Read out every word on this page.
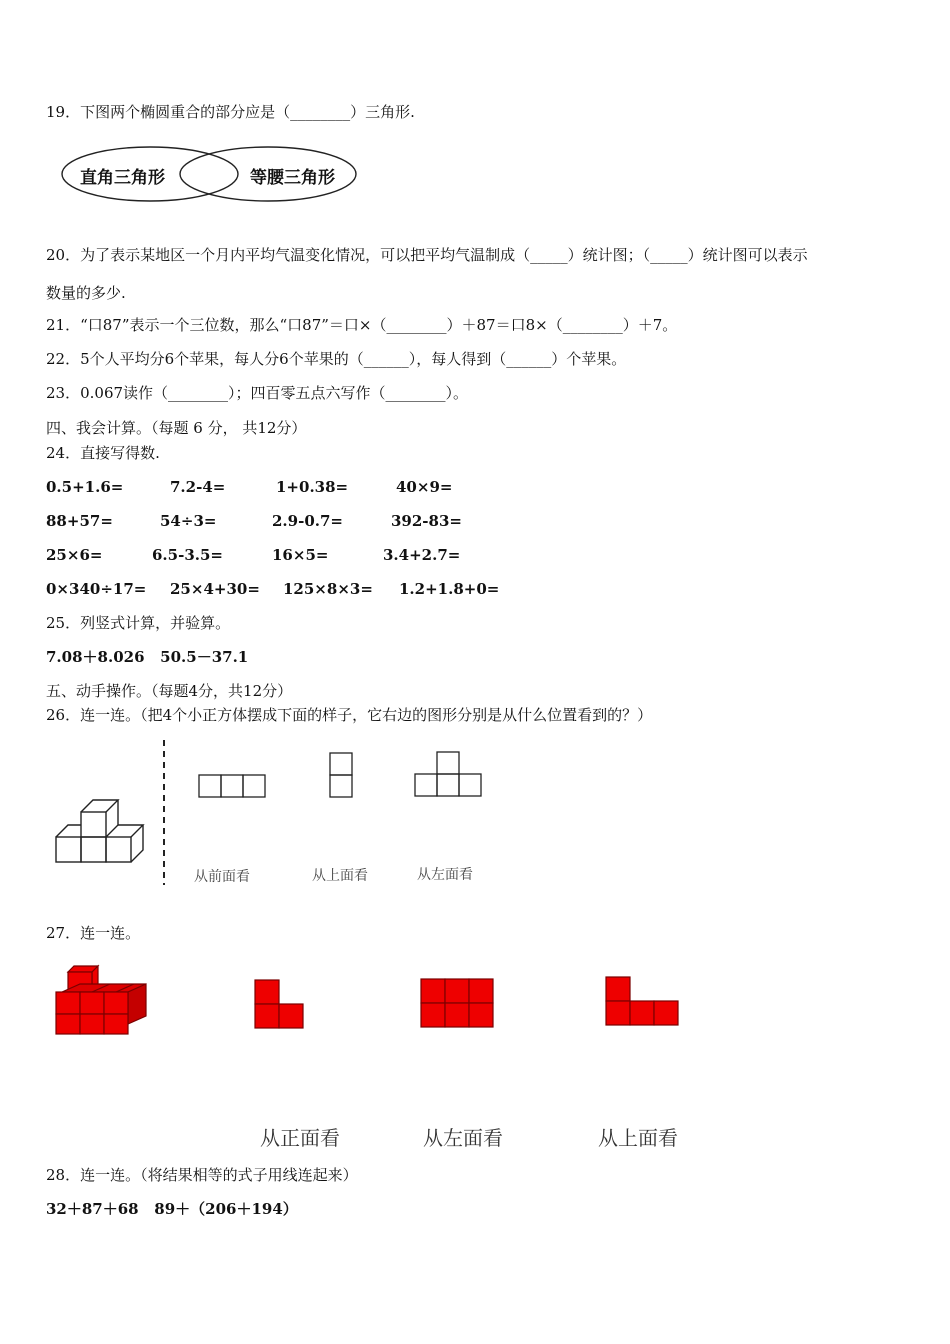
19．下图两个椭圆重合的部分应是（________）三角形.
直角三角形	等腰三角形
20．为了表示某地区一个月内平均气温变化情况，可以把平均气温制成（_____）统计图；（_____）统计图可以表示
数量的多少.
21．“口87”表示一个三位数，那么“口87”＝口×（________）＋87＝口8×（________）＋7。
22．5个人平均分6个苹果，每人分6个苹果的（______），每人得到（______）个苹果。
23．0.067读作（________）；四百零五点六写作（________）。
四、我会计算。（每题 6 分， 共12分）
24．直接写得数.
0.5+1.6=	7.2-4=	1+0.38=	40×9=
88+57=	54÷3=	2.9-0.7=	392-83=
25×6=	6.5-3.5=	16×5=	3.4+2.7=
0×340÷17= 25×4+30= 125×8×3= 1.2+1.8+0=
25．列竖式计算，并验算。
7.08＋8.026   50.5－37.1
五、动手操作。（每题4分，共12分）
26．连一连。（把4个小正方体摆成下面的样子，它右边的图形分别是从什么位置看到的？）
从前面看	从上面看	从左面看
27．连一连。
从正面看	从左面看	从上面看
28．连一连。（将结果相等的式子用线连起来）
32＋87＋68   89＋（206＋194）
